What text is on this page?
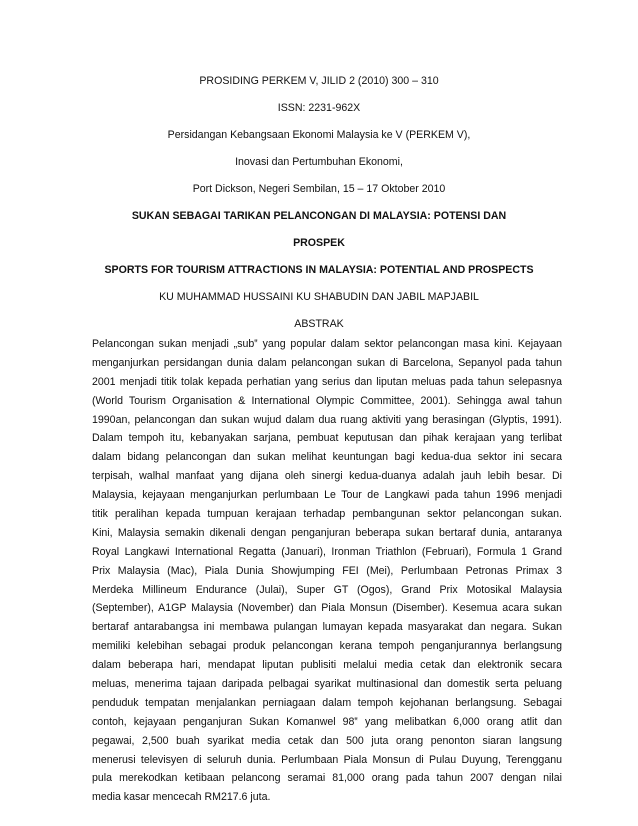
PROSIDING PERKEM V, JILID 2 (2010) 300 – 310
ISSN: 2231-962X
Persidangan Kebangsaan Ekonomi Malaysia ke V (PERKEM V),
Inovasi dan Pertumbuhan Ekonomi,
Port Dickson, Negeri Sembilan, 15 – 17 Oktober 2010
SUKAN SEBAGAI TARIKAN PELANCONGAN DI MALAYSIA: POTENSI DAN
PROSPEK
SPORTS FOR TOURISM ATTRACTIONS IN MALAYSIA: POTENTIAL AND PROSPECTS
KU MUHAMMAD HUSSAINI KU SHABUDIN DAN JABIL MAPJABIL
ABSTRAK
Pelancongan sukan menjadi „sub‟ yang popular dalam sektor pelancongan masa kini. Kejayaan
menganjurkan persidangan dunia dalam pelancongan sukan di Barcelona, Sepanyol pada tahun
2001 menjadi titik tolak kepada perhatian yang serius dan liputan meluas pada tahun selepasnya
(World Tourism Organisation & International Olympic Committee, 2001). Sehingga awal tahun
1990an, pelancongan dan sukan wujud dalam dua ruang aktiviti yang berasingan (Glyptis, 1991).
Dalam tempoh itu, kebanyakan sarjana, pembuat keputusan dan pihak kerajaan yang terlibat
dalam bidang pelancongan dan sukan melihat keuntungan bagi kedua-dua sektor ini secara
terpisah, walhal manfaat yang dijana oleh sinergi kedua-duanya adalah jauh lebih besar. Di
Malaysia, kejayaan menganjurkan perlumbaan Le Tour de Langkawi pada tahun 1996 menjadi
titik peralihan kepada tumpuan kerajaan terhadap pembangunan sektor pelancongan sukan.
Kini, Malaysia semakin dikenali dengan penganjuran beberapa sukan bertaraf dunia, antaranya
Royal Langkawi International Regatta (Januari), Ironman Triathlon (Februari), Formula 1 Grand
Prix Malaysia (Mac), Piala Dunia Showjumping FEI (Mei), Perlumbaan Petronas Primax 3
Merdeka Millineum Endurance (Julai), Super GT (Ogos), Grand Prix Motosikal Malaysia
(September), A1GP Malaysia (November) dan Piala Monsun (Disember). Kesemua acara sukan
bertaraf antarabangsa ini membawa pulangan lumayan kepada masyarakat dan negara. Sukan
memiliki kelebihan sebagai produk pelancongan kerana tempoh penganjurannya berlangsung
dalam beberapa hari, mendapat liputan publisiti melalui media cetak dan elektronik secara
meluas, menerima tajaan daripada pelbagai syarikat multinasional dan domestik serta peluang
penduduk tempatan menjalankan perniagaan dalam tempoh kejohanan berlangsung. Sebagai
contoh, kejayaan penganjuran Sukan Komanwel 98‟ yang melibatkan 6,000 orang atlit dan
pegawai, 2,500 buah syarikat media cetak dan 500 juta orang penonton siaran langsung
menerusi televisyen di seluruh dunia. Perlumbaan Piala Monsun di Pulau Duyung, Terengganu
pula merekodkan ketibaan pelancong seramai 81,000 orang pada tahun 2007 dengan nilai
media kasar mencecah RM217.6 juta.
